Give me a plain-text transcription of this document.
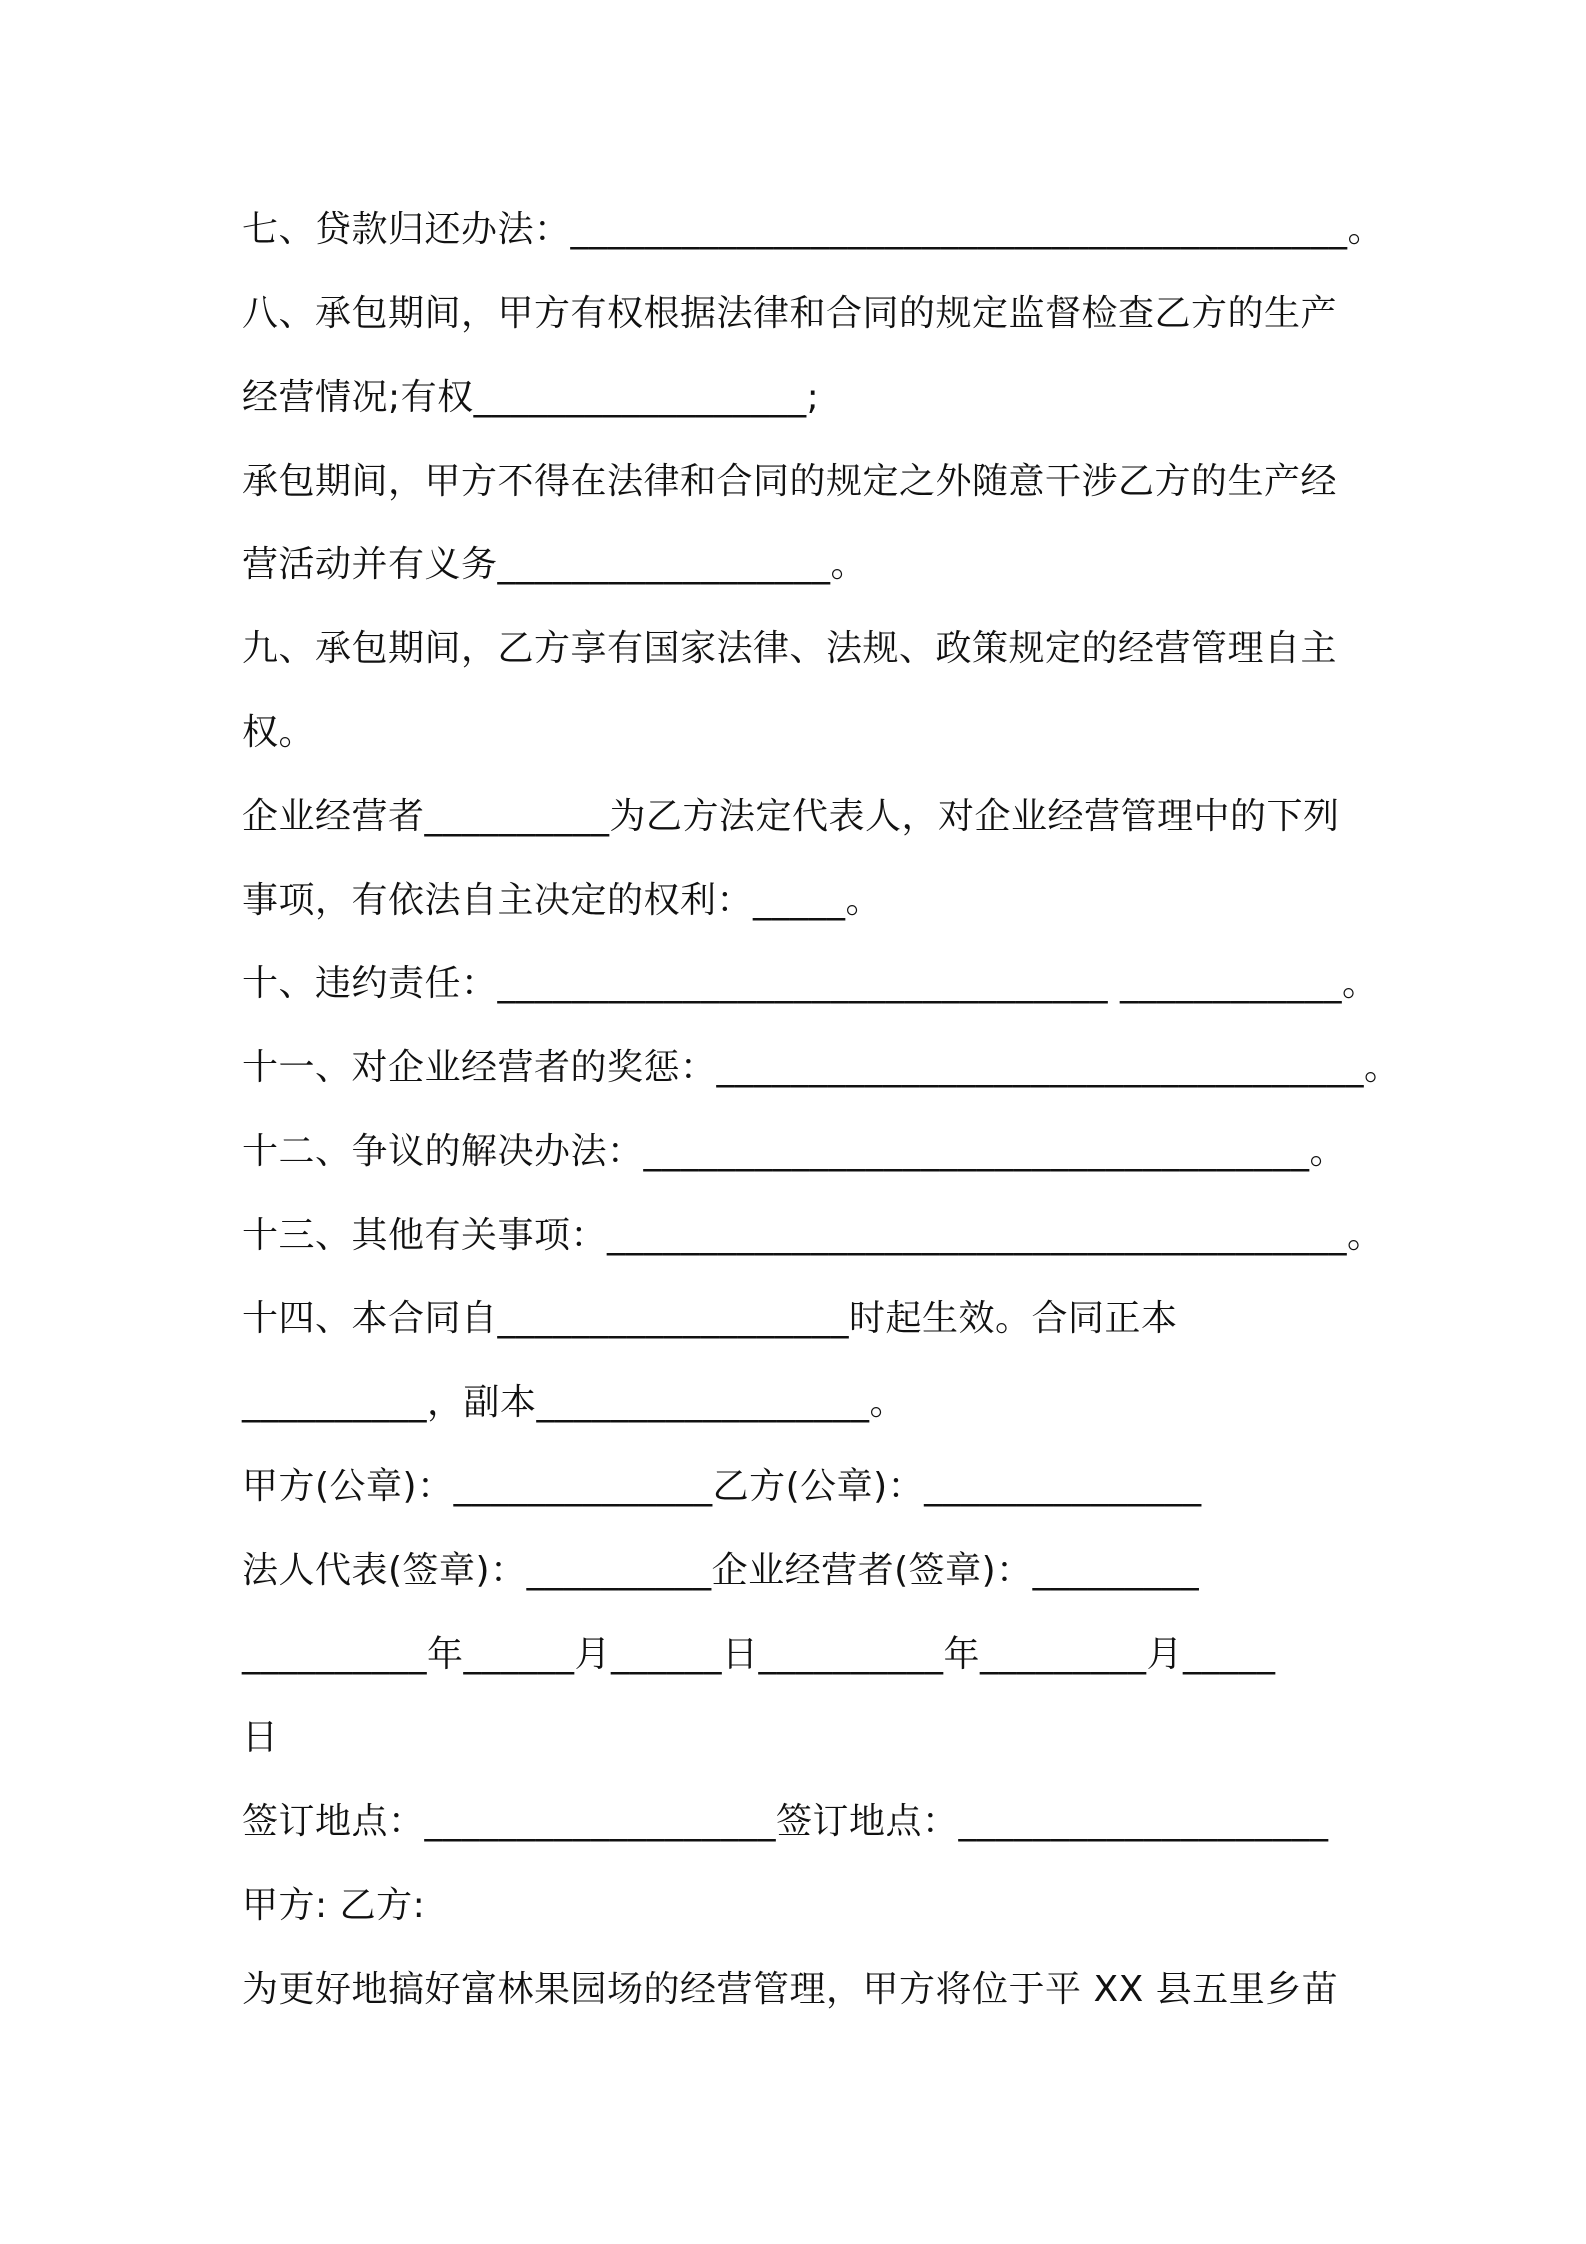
七、贷款归还办法：__________________________________________。
八、承包期间，甲方有权根据法律和合同的规定监督检查乙方的生产
经营情况;有权__________________;
承包期间，甲方不得在法律和合同的规定之外随意干涉乙方的生产经
营活动并有义务__________________。
九、承包期间，乙方享有国家法律、法规、政策规定的经营管理自主
权。
企业经营者__________为乙方法定代表人，对企业经营管理中的下列
事项，有依法自主决定的权利：_____。
十、违约责任：_________________________________ ____________。
十一、对企业经营者的奖惩：___________________________________。
十二、争议的解决办法：____________________________________。
十三、其他有关事项：________________________________________。
十四、本合同自___________________时起生效。合同正本
__________，副本__________________。
甲方(公章)：______________乙方(公章)：_______________
法人代表(签章)：__________企业经营者(签章)：_________
__________年______月______日__________年_________月_____
日
签订地点：___________________签订地点：____________________
甲方: 乙方:
为更好地搞好富林果园场的经营管理，甲方将位于平 XX 县五里乡苗
